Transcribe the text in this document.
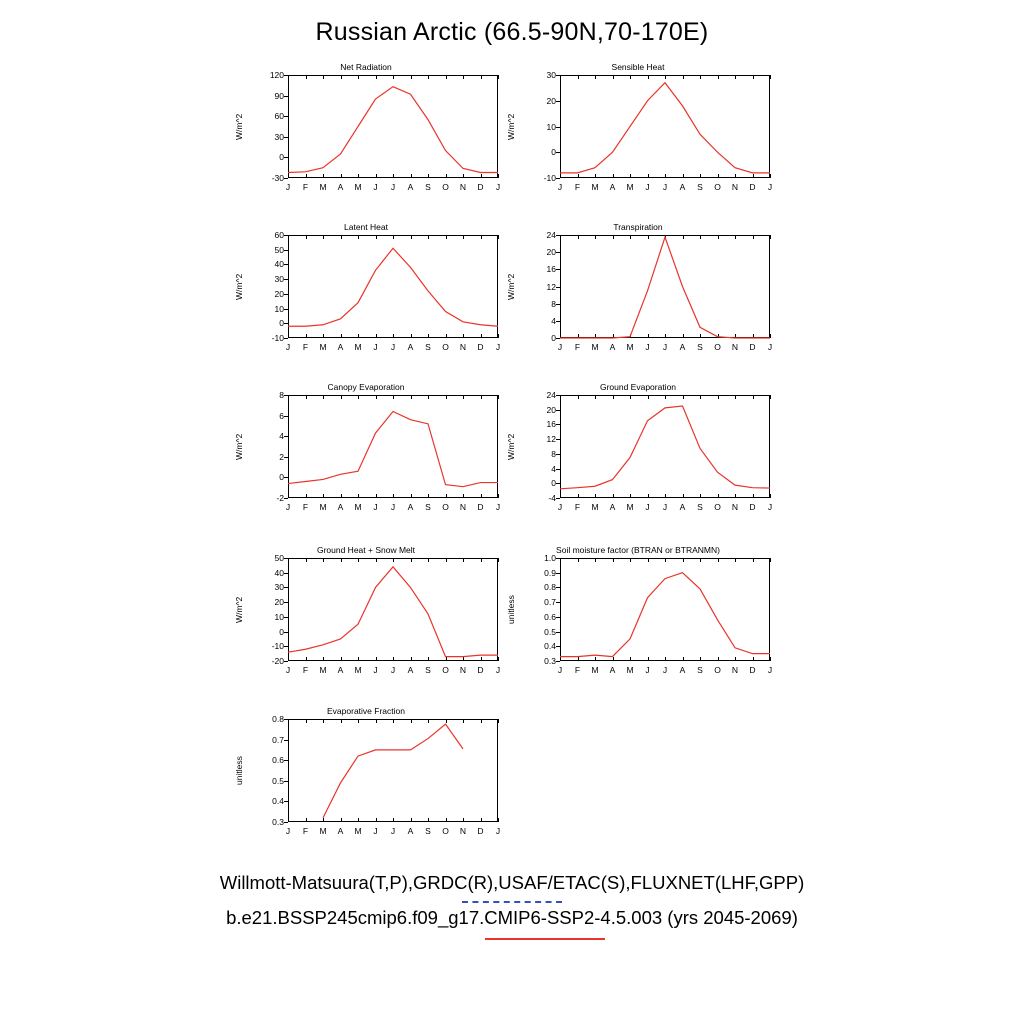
Russian Arctic (66.5-90N,70-170E)
Net Radiation
W/m^2
-30
0
30
60
90
120
J F M A M J J A S O N D J
Sensible Heat
W/m^2
-10
0
10
20
30
J F M A M J J A S O N D J
Latent Heat
W/m^2
-10
0
10
20
30
40
50
60
J F M A M J J A S O N D J
Transpiration
W/m^2
0
4
8
12
16
20
24
J F M A M J J A S O N D J
Canopy Evaporation
W/m^2
-2
0
2
4
6
8
J F M A M J J A S O N D J
Ground Evaporation
W/m^2
-4
0
4
8
12
16
20
24
J F M A M J J A S O N D J
Ground Heat + Snow Melt
W/m^2
-20
-10
0
10
20
30
40
50
J F M A M J J A S O N D J
Soil moisture factor (BTRAN or BTRANMN)
unitless
0.3
0.4
0.5
0.6
0.7
0.8
0.9
1.0
J F M A M J J A S O N D J
Evaporative Fraction
unitless
0.3
0.4
0.5
0.6
0.7
0.8
J F M A M J J A S O N D J
Willmott-Matsuura(T,P),GRDC(R),USAF/ETAC(S),FLUXNET(LHF,GPP)
b.e21.BSSP245cmip6.f09_g17.CMIP6-SSP2-4.5.003 (yrs 2045-2069)
